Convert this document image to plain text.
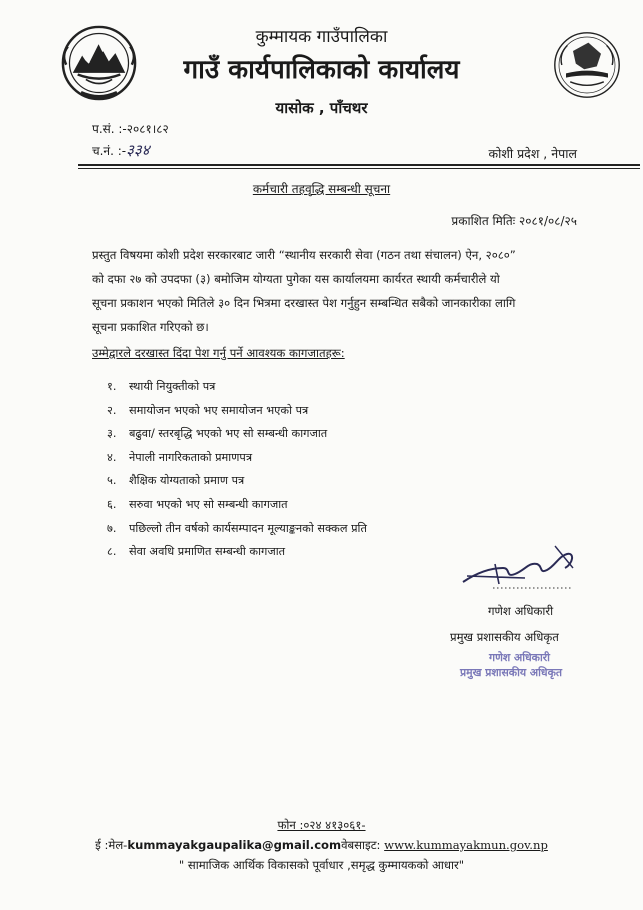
कुम्मायक गाउँपालिका
गाउँ कार्यपालिकाको कार्यालय
यासोक , पाँचथर
प.सं. :-२०८१।८२
च.नं. :-३३४	कोशी प्रदेश , नेपाल
कर्मचारी तहवृद्धि सम्बन्धी सूचना
प्रकाशित मितिः २०८१/०८/२५
प्रस्तुत विषयमा कोशी प्रदेश सरकारबाट जारी “स्थानीय सरकारी सेवा (गठन तथा संचालन) ऐन, २०८०”
को दफा २७ को उपदफा (३) बमोजिम योग्यता पुगेका यस कार्यालयमा कार्यरत स्थायी कर्मचारीले यो
सूचना प्रकाशन भएको मितिले ३० दिन भित्रमा दरखास्त पेश गर्नुहुन सम्बन्धित सबैको जानकारीका लागि
सूचना प्रकाशित गरिएको छ।
उम्मेद्वारले दरखास्त दिंदा पेश गर्नु पर्ने आवश्यक कागजातहरू:
१. स्थायी नियुक्तीको पत्र
२. समायोजन भएको भए समायोजन भएको पत्र
३. बढुवा/ स्तरबृद्धि भएको भए सो सम्बन्धी कागजात
४. नेपाली नागरिकताको प्रमाणपत्र
५. शैक्षिक योग्यताको प्रमाण पत्र
६. सरुवा भएको भए सो सम्बन्धी कागजात
७. पछिल्लो तीन वर्षको कार्यसम्पादन मूल्याङ्कनको सक्कल प्रति
८. सेवा अवधि प्रमाणित सम्बन्धी कागजात
गणेश अधिकारी
प्रमुख प्रशासकीय अधिकृत
गणेश अधिकारी
प्रमुख प्रशासकीय अधिकृत
फोन :०२४ ४१३०६१-
ई :मेल-kummayakgaupalika@gmail.comवेबसाइट: www.kummayakmun.gov.np
" सामाजिक आर्थिक विकासको पूर्वाधार ,समृद्ध कुम्मायकको आधार"
